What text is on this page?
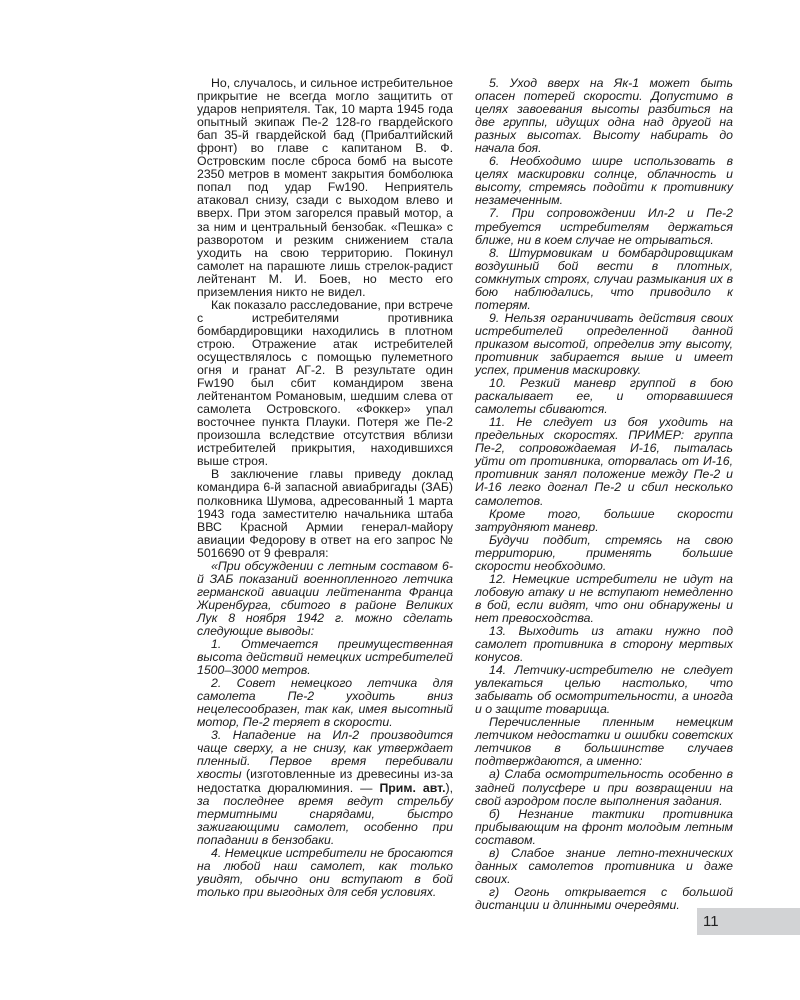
Но, случалось, и сильное истребительное прикрытие не всегда могло защитить от ударов неприятеля. Так, 10 марта 1945 года опытный экипаж Пе-2 128-го гвардейского бап 35-й гвардейской бад (Прибалтийский фронт) во главе с капитаном В. Ф. Островским после сброса бомб на высоте 2350 метров в момент закрытия бомболюка попал под удар Fw190. Неприятель атаковал снизу, сзади с выходом влево и вверх. При этом загорелся правый мотор, а за ним и центральный бензобак. «Пешка» с разворотом и резким снижением стала уходить на свою территорию. Покинул самолет на парашюте лишь стрелок-радист лейтенант М. И. Боев, но место его приземления никто не видел.

Как показало расследование, при встрече с истребителями противника бомбардировщики находились в плотном строю. Отражение атак истребителей осуществлялось с помощью пулеметного огня и гранат АГ-2. В результате один Fw190 был сбит командиром звена лейтенантом Романовым, шедшим слева от самолета Островского. «Фоккер» упал восточнее пункта Плауки. Потеря же Пе-2 произошла вследствие отсутствия вблизи истребителей прикрытия, находившихся выше строя.

В заключение главы приведу доклад командира 6-й запасной авиабригады (ЗАБ) полковника Шумова, адресованный 1 марта 1943 года заместителю начальника штаба ВВС Красной Армии генерал-майору авиации Федорову в ответ на его запрос № 5016690 от 9 февраля:

«При обсуждении с летным составом 6-й ЗАБ показаний военнопленного летчика германской авиации лейтенанта Франца Жиренбурга, сбитого в районе Великих Лук 8 ноября 1942 г. можно сделать следующие выводы:

1. Отмечается преимущественная высота действий немецких истребителей 1500–3000 метров.

2. Совет немецкого летчика для самолета Пе-2 уходить вниз нецелесообразен, так как, имея высотный мотор, Пе-2 теряет в скорости.

3. Нападение на Ил-2 производится чаще сверху, а не снизу, как утверждает пленный. Первое время перебивали хвосты (изготовленные из древесины из-за недостатка дюралюминия. — Прим. авт.), за последнее время ведут стрельбу термитными снарядами, быстро зажигающими самолет, особенно при попадании в бензобаки.

4. Немецкие истребители не бросаются на любой наш самолет, как только увидят, обычно они вступают в бой только при выгодных для себя условиях.

5. Уход вверх на Як-1 может быть опасен потерей скорости. Допустимо в целях завоевания высоты разбиться на две группы, идущих одна над другой на разных высотах. Высоту набирать до начала боя.

6. Необходимо шире использовать в целях маскировки солнце, облачность и высоту, стремясь подойти к противнику незамеченным.

7. При сопровождении Ил-2 и Пе-2 требуется истребителям держаться ближе, ни в коем случае не отрываться.

8. Штурмовикам и бомбардировщикам воздушный бой вести в плотных, сомкнутых строях, случаи размыкания их в бою наблюдались, что приводило к потерям.

9. Нельзя ограничивать действия своих истребителей определенной данной приказом высотой, определив эту высоту, противник забирается выше и имеет успех, применив маскировку.

10. Резкий маневр группой в бою раскалывает ее, и оторвавшиеся самолеты сбиваются.

11. Не следует из боя уходить на предельных скоростях. ПРИМЕР: группа Пе-2, сопровождаемая И-16, пыталась уйти от противника, оторвалась от И-16, противник занял положение между Пе-2 и И-16 легко догнал Пе-2 и сбил несколько самолетов.

Кроме того, большие скорости затрудняют маневр.

Будучи подбит, стремясь на свою территорию, применять большие скорости необходимо.

12. Немецкие истребители не идут на лобовую атаку и не вступают немедленно в бой, если видят, что они обнаружены и нет превосходства.

13. Выходить из атаки нужно под самолет противника в сторону мертвых конусов.

14. Летчику-истребителю не следует увлекаться целью настолько, что забывать об осмотрительности, а иногда и о защите товарища.

Перечисленные пленным немецким летчиком недостатки и ошибки советских летчиков в большинстве случаев подтверждаются, а именно:

а) Слаба осмотрительность особенно в задней полусфере и при возвращении на свой аэродром после выполнения задания.

б) Незнание тактики противника прибывающим на фронт молодым летным составом.

в) Слабое знание летно-технических данных самолетов противника и даже своих.

г) Огонь открывается с большой дистанции и длинными очередями.

11
